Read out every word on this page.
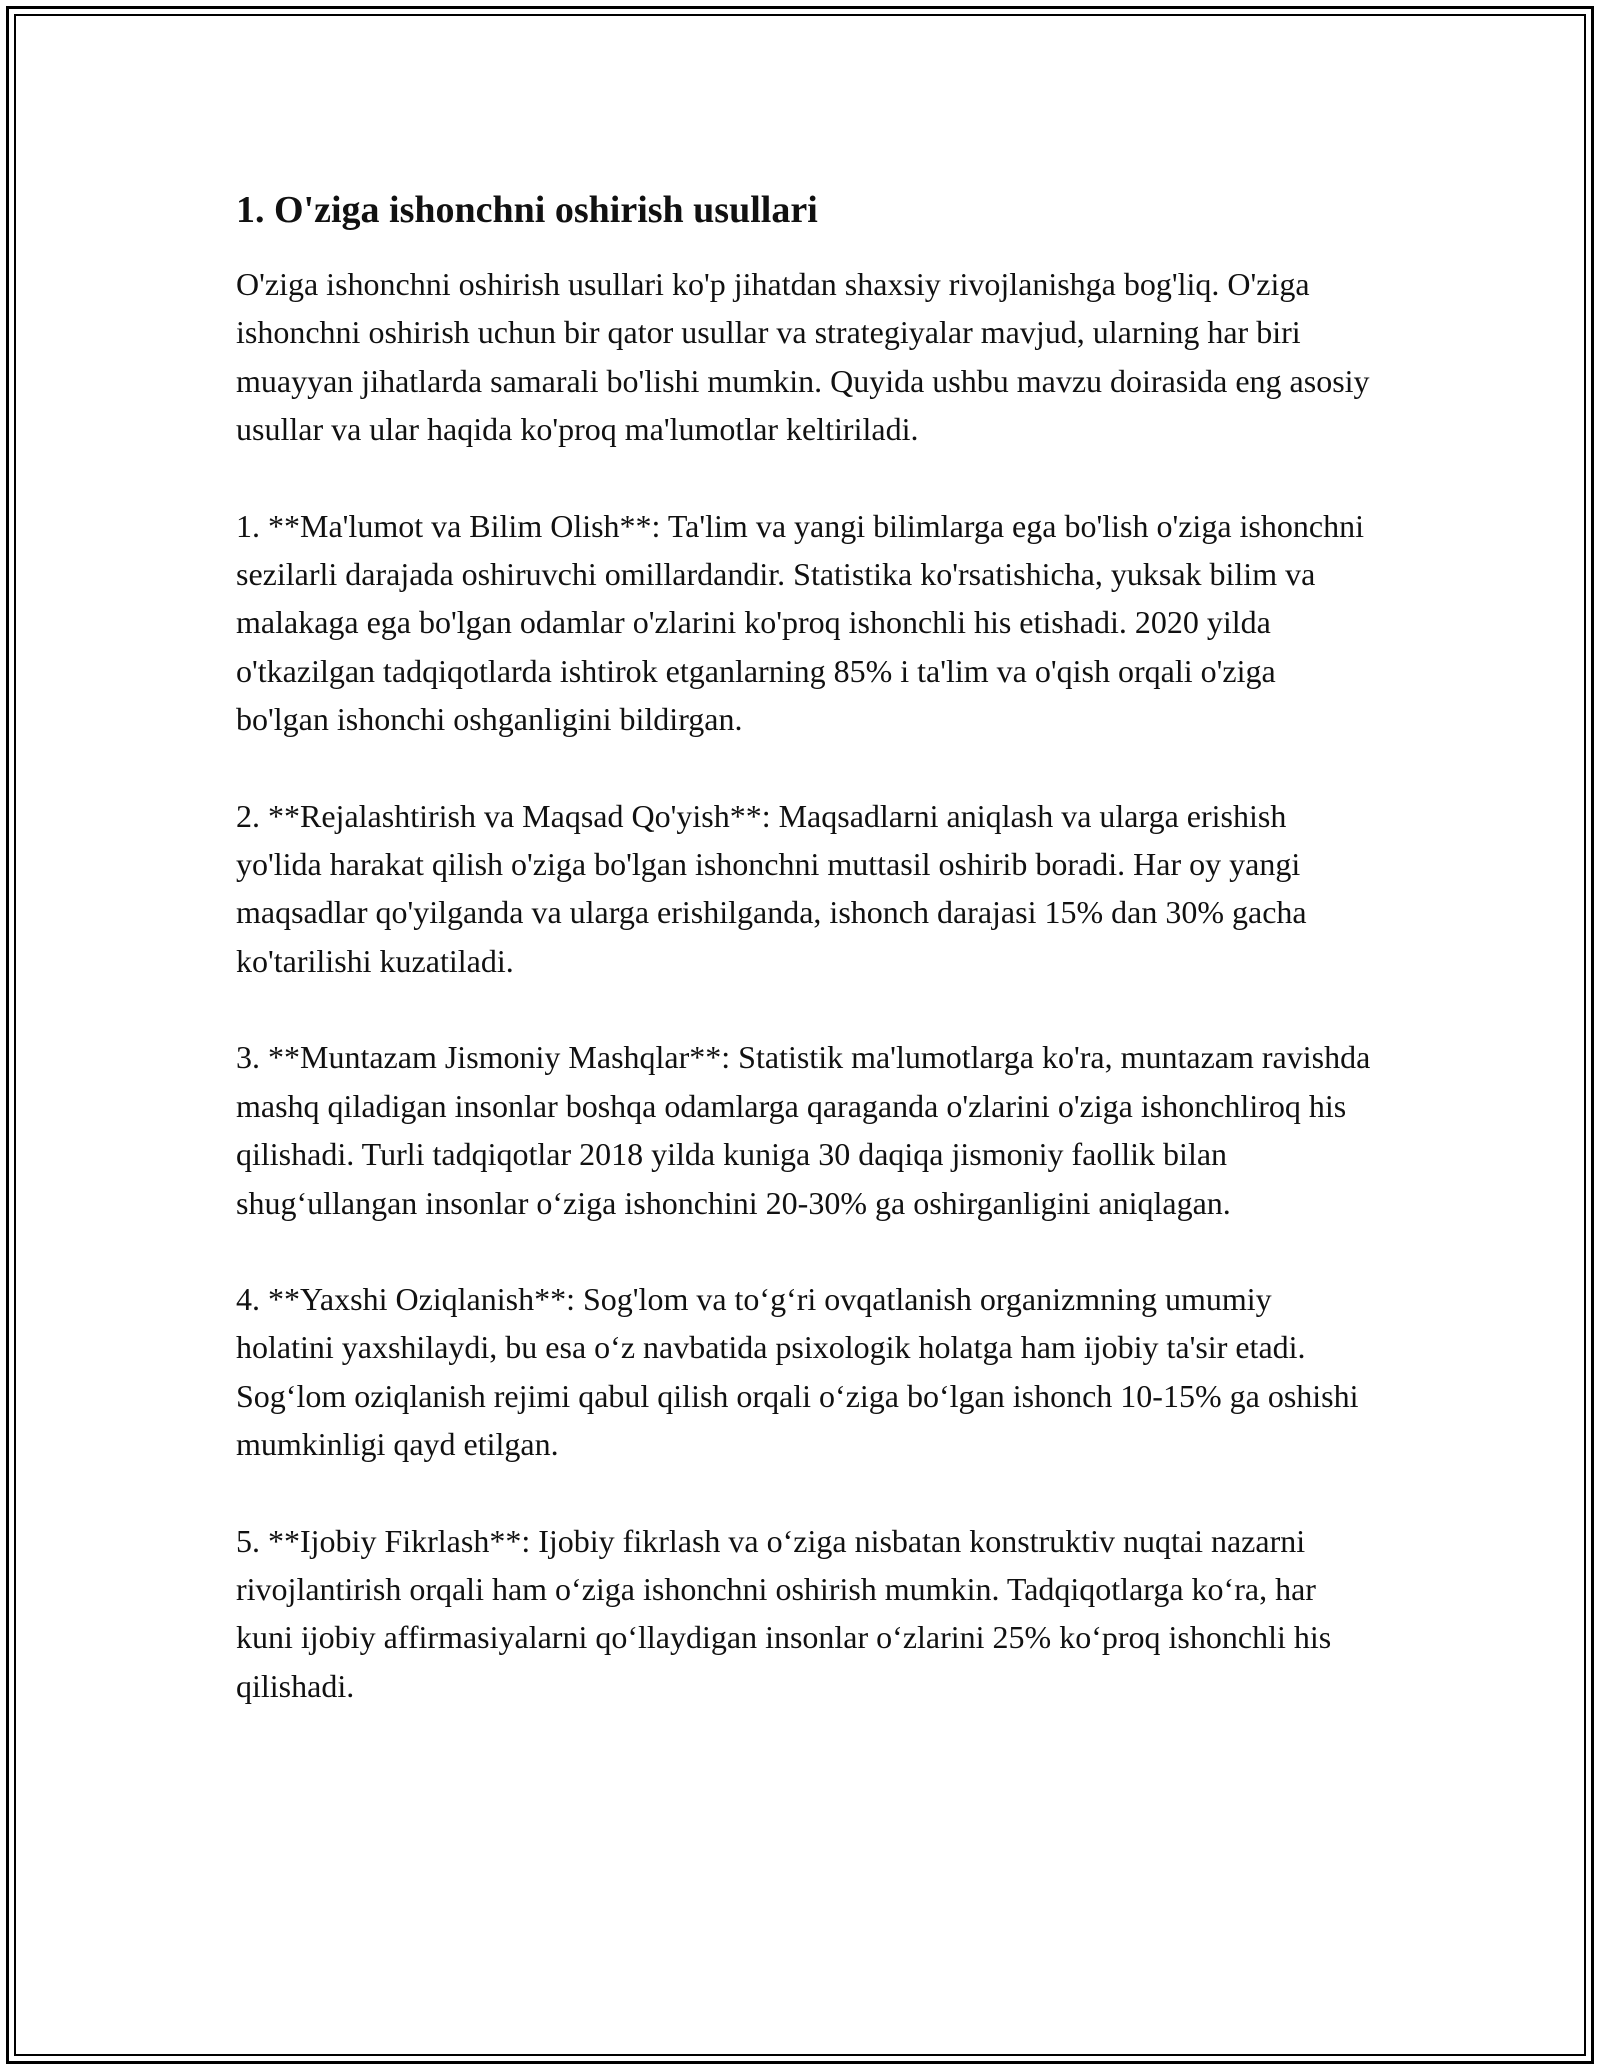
1. O'ziga ishonchni oshirish usullari

O'ziga ishonchni oshirish usullari ko'p jihatdan shaxsiy rivojlanishga bog'liq. O'ziga ishonchni oshirish uchun bir qator usullar va strategiyalar mavjud, ularning har biri muayyan jihatlarda samarali bo'lishi mumkin. Quyida ushbu mavzu doirasida eng asosiy usullar va ular haqida ko'proq ma'lumotlar keltiriladi.

1. **Ma'lumot va Bilim Olish**: Ta'lim va yangi bilimlarga ega bo'lish o'ziga ishonchni sezilarli darajada oshiruvchi omillardandir. Statistika ko'rsatishicha, yuksak bilim va malakaga ega bo'lgan odamlar o'zlarini ko'proq ishonchli his etishadi. 2020 yilda o'tkazilgan tadqiqotlarda ishtirok etganlarning 85% i ta'lim va o'qish orqali o'ziga bo'lgan ishonchi oshganligini bildirgan.

2. **Rejalashtirish va Maqsad Qo'yish**: Maqsadlarni aniqlash va ularga erishish yo'lida harakat qilish o'ziga bo'lgan ishonchni muttasil oshirib boradi. Har oy yangi maqsadlar qo'yilganda va ularga erishilganda, ishonch darajasi 15% dan 30% gacha ko'tarilishi kuzatiladi.

3. **Muntazam Jismoniy Mashqlar**: Statistik ma'lumotlarga ko'ra, muntazam ravishda mashq qiladigan insonlar boshqa odamlarga qaraganda o'zlarini o'ziga ishonchliroq his qilishadi. Turli tadqiqotlar 2018 yilda kuniga 30 daqiqa jismoniy faollik bilan shug‘ullangan insonlar o‘ziga ishonchini 20-30% ga oshirganligini aniqlagan.

4. **Yaxshi Oziqlanish**: Sog'lom va to‘g‘ri ovqatlanish organizmning umumiy holatini yaxshilaydi, bu esa o‘z navbatida psixologik holatga ham ijobiy ta'sir etadi. Sog‘lom oziqlanish rejimi qabul qilish orqali o‘ziga bo‘lgan ishonch 10-15% ga oshishi mumkinligi qayd etilgan.

5. **Ijobiy Fikrlash**: Ijobiy fikrlash va o‘ziga nisbatan konstruktiv nuqtai nazarni rivojlantirish orqali ham o‘ziga ishonchni oshirish mumkin. Tadqiqotlarga ko‘ra, har kuni ijobiy affirmasiyalarni qo‘llaydigan insonlar o‘zlarini 25% ko‘proq ishonchli his qilishadi.
